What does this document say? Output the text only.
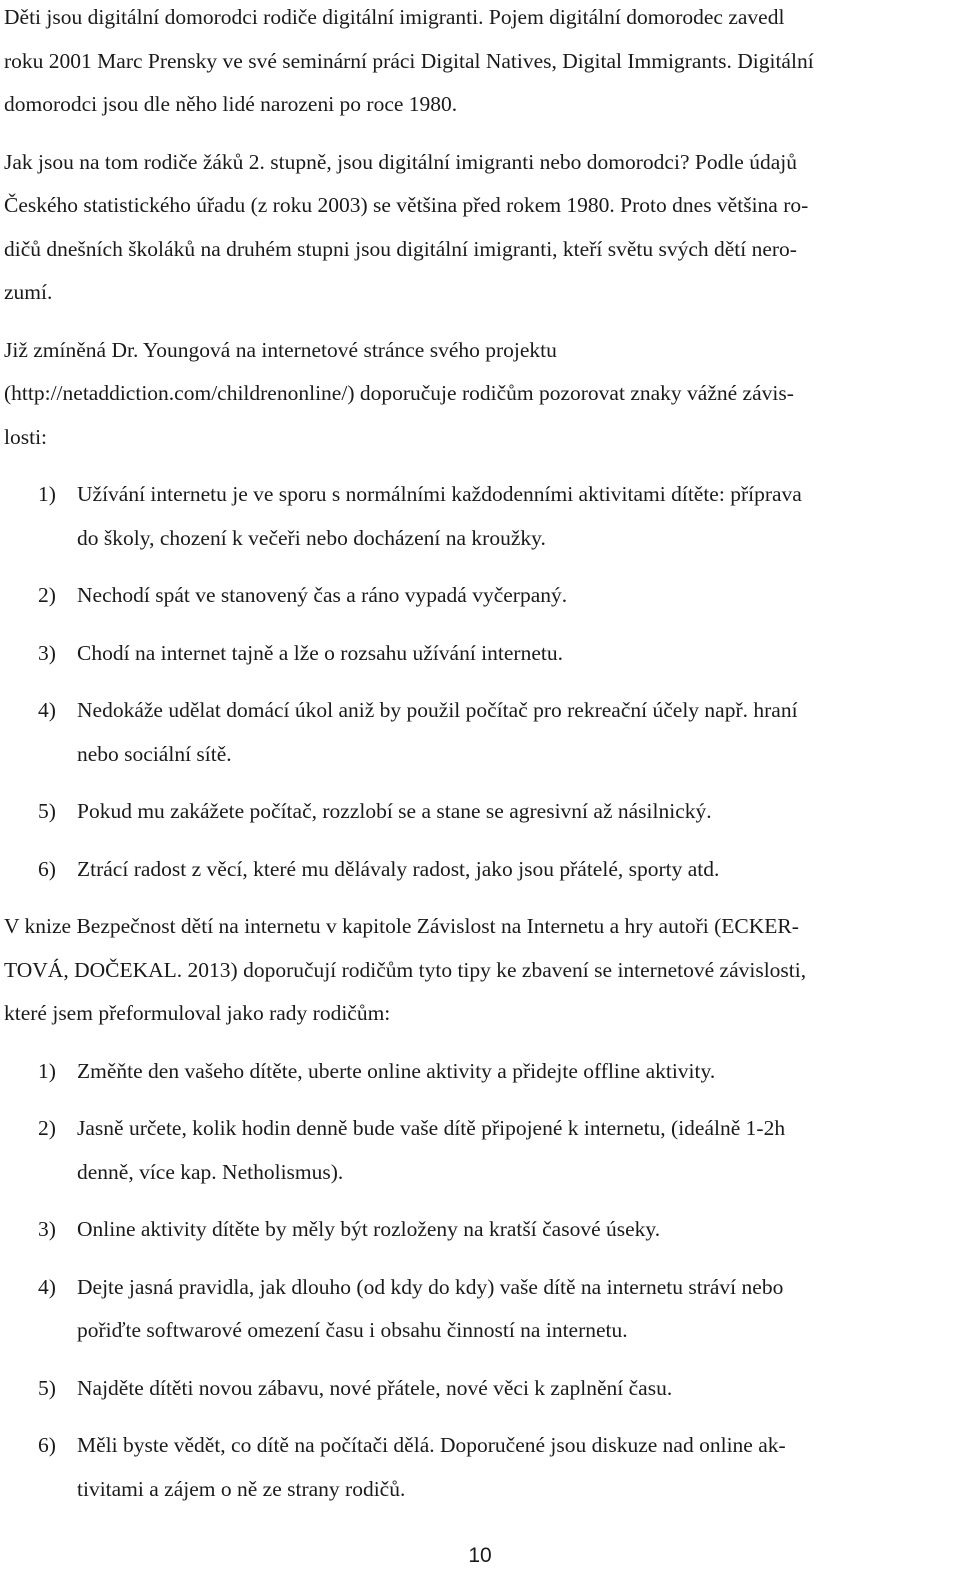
Děti jsou digitální domorodci rodiče digitální imigranti. Pojem digitální domorodec zavedl
roku 2001 Marc Prensky ve své seminární práci Digital Natives, Digital Immigrants. Digitální
domorodci jsou dle něho lidé narozeni po roce 1980.
Jak jsou na tom rodiče žáků 2. stupně, jsou digitální imigranti nebo domorodci? Podle údajů
Českého statistického úřadu (z roku 2003) se většina před rokem 1980. Proto dnes většina ro-
dičů dnešních školáků na druhém stupni jsou digitální imigranti, kteří světu svých dětí nero-
zumí.
Již zmíněná Dr. Youngová na internetové stránce svého projektu
(http://netaddiction.com/childrenonline/) doporučuje rodičům pozorovat znaky vážné závis-
losti:
1) Užívání internetu je ve sporu s normálními každodenními aktivitami dítěte: příprava
do školy, chození k večeři nebo docházení na kroužky.
2) Nechodí spát ve stanovený čas a ráno vypadá vyčerpaný.
3) Chodí na internet tajně a lže o rozsahu užívání internetu.
4) Nedokáže udělat domácí úkol aniž by použil počítač pro rekreační účely např. hraní
nebo sociální sítě.
5) Pokud mu zakážete počítač, rozzlobí se a stane se agresivní až násilnický.
6) Ztrácí radost z věcí, které mu dělávaly radost, jako jsou přátelé, sporty atd.
V knize Bezpečnost dětí na internetu v kapitole Závislost na Internetu a hry autoři (ECKER-
TOVÁ, DOČEKAL. 2013) doporučují rodičům tyto tipy ke zbavení se internetové závislosti,
které jsem přeformuloval jako rady rodičům:
1) Změňte den vašeho dítěte, uberte online aktivity a přidejte offline aktivity.
2) Jasně určete, kolik hodin denně bude vaše dítě připojené k internetu, (ideálně 1-2h
denně, více kap. Netholismus).
3) Online aktivity dítěte by měly být rozloženy na kratší časové úseky.
4) Dejte jasná pravidla, jak dlouho (od kdy do kdy) vaše dítě na internetu stráví nebo
pořiďte softwarové omezení času i obsahu činností na internetu.
5) Najděte dítěti novou zábavu, nové přátele, nové věci k zaplnění času.
6) Měli byste vědět, co dítě na počítači dělá. Doporučené jsou diskuze nad online ak-
tivitami a zájem o ně ze strany rodičů.
10
